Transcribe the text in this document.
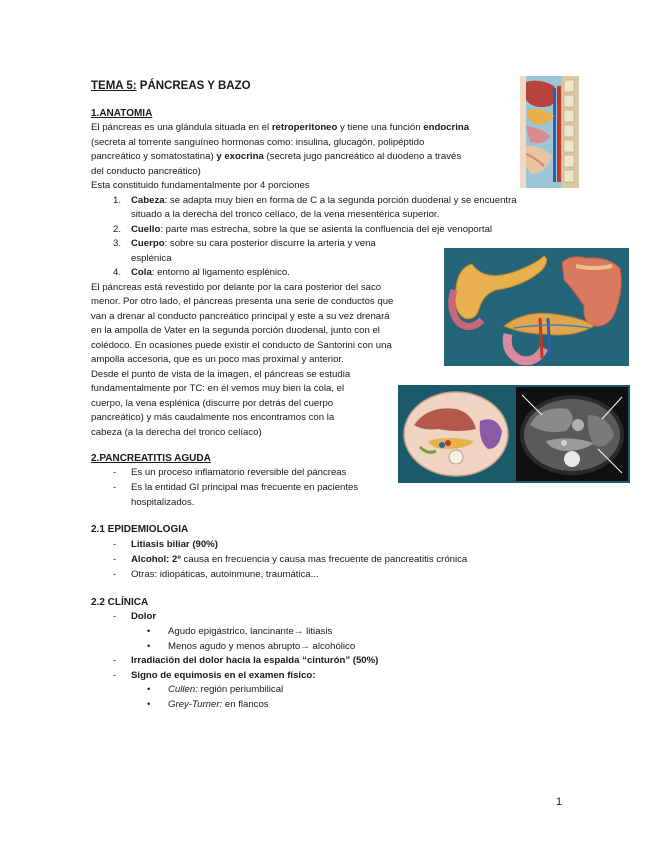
TEMA 5: PÁNCREAS Y BAZO
1.ANATOMIA
El páncreas es una glándula situada en el retroperitoneo y tiene una función endocrina
(secreta al torrente sanguíneo hormonas como: insulina, glucagón, polipéptido
pancreático y somatostatina) y exocrina (secreta jugo pancreático al duodeno a través
del conducto pancreático)
Esta constituido fundamentalmente por 4 porciones
1. Cabeza: se adapta muy bien en forma de C a la segunda porción duodenal y se encuentra
situado a la derecha del tronco celíaco, de la vena mesentérica superior.
2. Cuello: parte mas estrecha, sobre la que se asienta la confluencia del eje venoportal
3. Cuerpo: sobre su cara posterior discurre la arteria y vena
esplénica
4. Cola: entorno al ligamento esplénico.
El páncreas está revestido por delante por la cara posterior del saco
menor. Por otro lado, el páncreas presenta una serie de conductos que
van a drenar al conducto pancreático principal y este a su vez drenará
en la ampolla de Vater en la segunda porción duodenal, junto con el
colédoco. En ocasiones puede existir el conducto de Santorini con una
ampolla accesoria, que es un poco mas proximal y anterior.
Desde el punto de vista de la imagen, el páncreas se estudia
fundamentalmente por TC: en él vemos muy bien la cola, el
cuerpo, la vena esplénica (discurre por detrás del cuerpo
pancreático) y más caudalmente nos encontramos con la
cabeza (a la derecha del tronco celíaco)
2.PANCREATITIS AGUDA
- Es un proceso inflamatorio reversible del páncreas
- Es la entidad GI principal mas frecuente en pacientes
hospitalizados.
2.1 EPIDEMIOLOGIA
- Litiasis biliar (90%)
- Alcohol: 2º causa en frecuencia y causa mas frecuente de pancreatitis crónica
- Otras: idiopáticas, autoinmune, traumática...
2.2 CLÍNICA
- Dolor
• Agudo epigástrico, lancinante→ litiasis
• Menos agudo y menos abrupto→ alcohólico
- Irradiación del dolor hacia la espalda “cinturón” (50%)
- Signo de equimosis en el examen físico:
• Cullen: región periumbilical
• Grey-Turner: en flancos
1
